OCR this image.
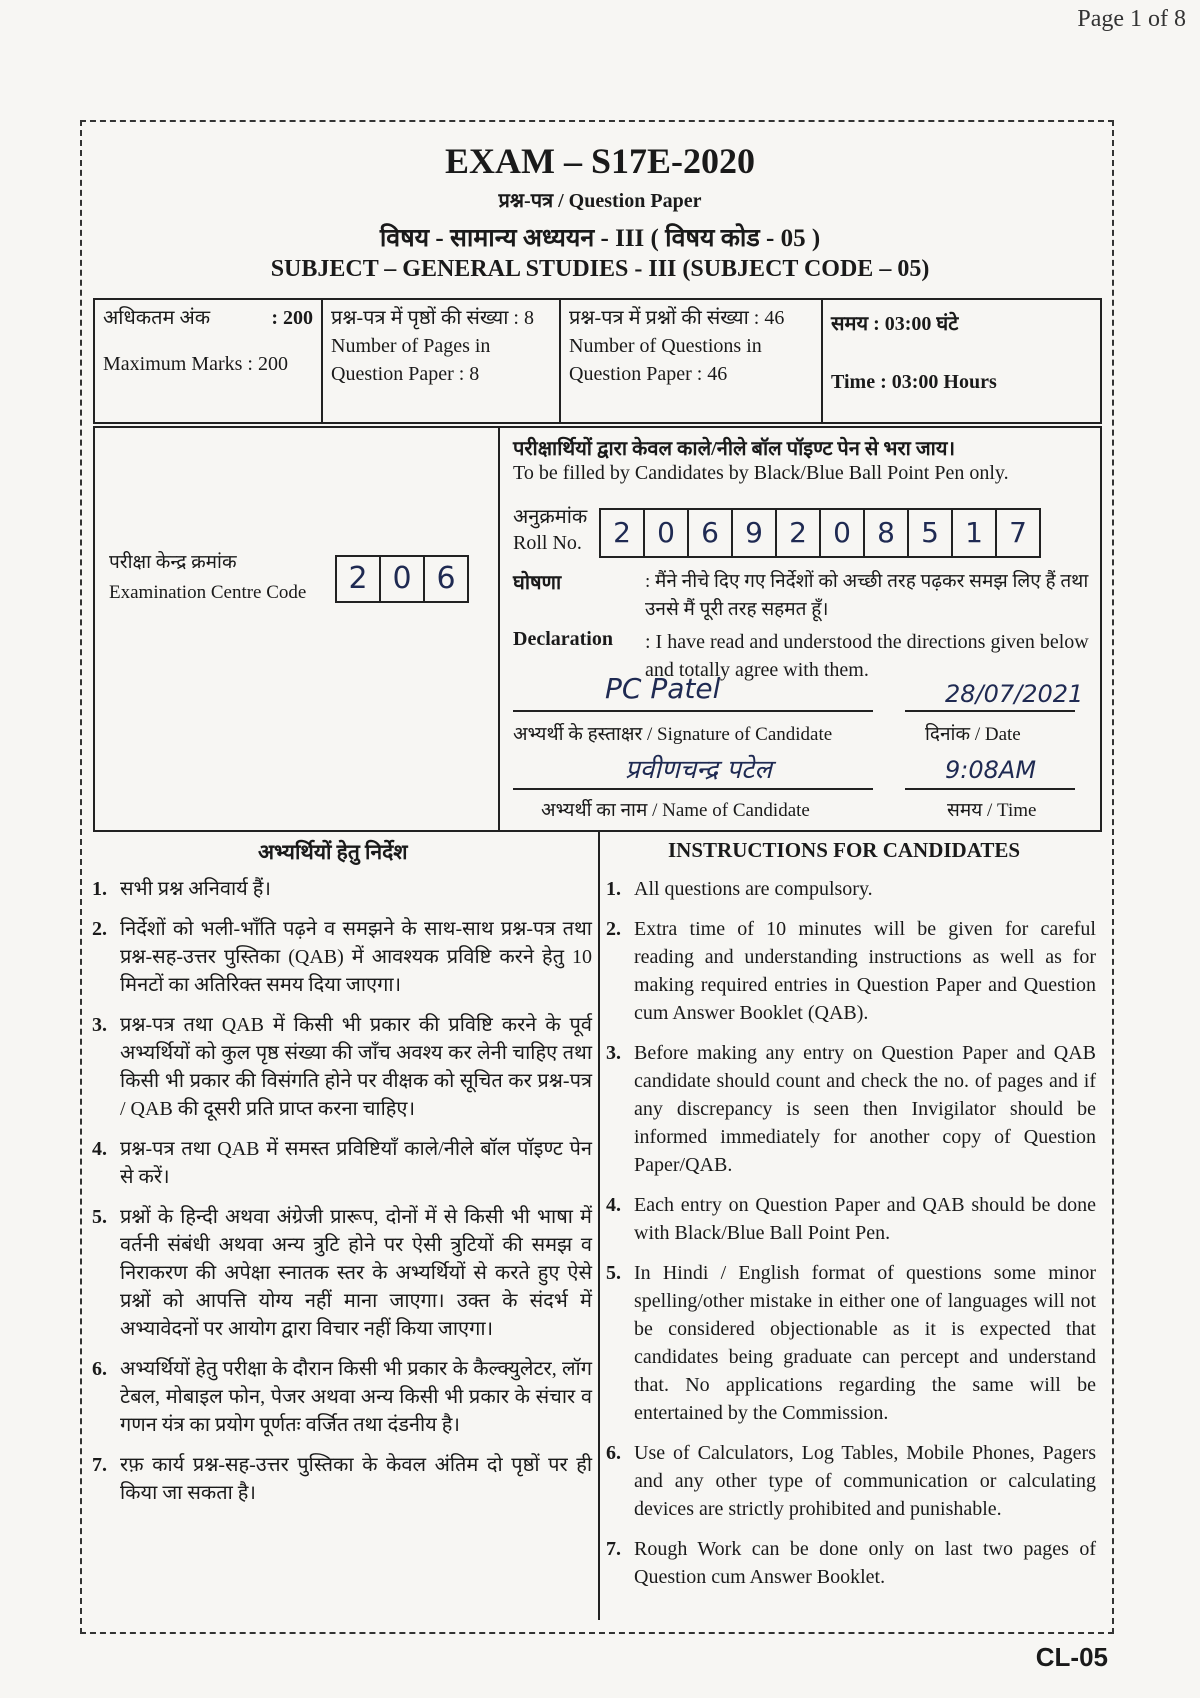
Page 1 of 8
EXAM – S17E-2020
प्रश्न-पत्र / Question Paper
विषय - सामान्य अध्ययन - III ( विषय कोड - 05 )
SUBJECT – GENERAL STUDIES - III (SUBJECT CODE – 05)
अधिकतम अंक	: 200
Maximum Marks : 200
प्रश्न-पत्र में पृष्ठों की संख्या : 8
Number of Pages in Question Paper : 8
प्रश्न-पत्र में प्रश्नों की संख्या : 46
Number of Questions in Question Paper : 46
समय : 03:00 घंटे
Time : 03:00 Hours
परीक्षा केन्द्र क्रमांक
Examination Centre Code	2 0 6
परीक्षार्थियों द्वारा केवल काले/नीले बॉल पॉइण्ट पेन से भरा जाय।
To be filled by Candidates by Black/Blue Ball Point Pen only.
अनुक्रमांक
Roll No.	2 0 6 9 2 0 8 5 1 7
घोषणा	: मैंने नीचे दिए गए निर्देशों को अच्छी तरह पढ़कर समझ लिए हैं तथा उनसे मैं पूरी तरह सहमत हूँ।
Declaration : I have read and understood the directions given below and totally agree with them.
PC Patel
अभ्यर्थी के हस्ताक्षर / Signature of Candidate
28/07/2021
दिनांक / Date
प्रवीणचन्द्र पटेल
अभ्यर्थी का नाम / Name of Candidate
9:08AM
समय / Time
अभ्यर्थियों हेतु निर्देश	INSTRUCTIONS FOR CANDIDATES
1. सभी प्रश्न अनिवार्य हैं।
2. निर्देशों को भली-भाँति पढ़ने व समझने के साथ-साथ प्रश्न-पत्र तथा प्रश्न-सह-उत्तर पुस्तिका (QAB) में आवश्यक प्रविष्टि करने हेतु 10 मिनटों का अतिरिक्त समय दिया जाएगा।
3. प्रश्न-पत्र तथा QAB में किसी भी प्रकार की प्रविष्टि करने के पूर्व अभ्यर्थियों को कुल पृष्ठ संख्या की जाँच अवश्य कर लेनी चाहिए तथा किसी भी प्रकार की विसंगति होने पर वीक्षक को सूचित कर प्रश्न-पत्र / QAB की दूसरी प्रति प्राप्त करना चाहिए।
4. प्रश्न-पत्र तथा QAB में समस्त प्रविष्टियाँ काले/नीले बॉल पॉइण्ट पेन से करें।
5. प्रश्नों के हिन्दी अथवा अंग्रेजी प्रारूप, दोनों में से किसी भी भाषा में वर्तनी संबंधी अथवा अन्य त्रुटि होने पर ऐसी त्रुटियों की समझ व निराकरण की अपेक्षा स्नातक स्तर के अभ्यर्थियों से करते हुए ऐसे प्रश्नों को आपत्ति योग्य नहीं माना जाएगा। उक्त के संदर्भ में अभ्यावेदनों पर आयोग द्वारा विचार नहीं किया जाएगा।
6. अभ्यर्थियों हेतु परीक्षा के दौरान किसी भी प्रकार के कैल्क्युलेटर, लॉग टेबल, मोबाइल फोन, पेजर अथवा अन्य किसी भी प्रकार के संचार व गणन यंत्र का प्रयोग पूर्णतः वर्जित तथा दंडनीय है।
7. रफ़ कार्य प्रश्न-सह-उत्तर पुस्तिका के केवल अंतिम दो पृष्ठों पर ही किया जा सकता है।
1. All questions are compulsory.
2. Extra time of 10 minutes will be given for careful reading and understanding instructions as well as for making required entries in Question Paper and Question cum Answer Booklet (QAB).
3. Before making any entry on Question Paper and QAB candidate should count and check the no. of pages and if any discrepancy is seen then Invigilator should be informed immediately for another copy of Question Paper/QAB.
4. Each entry on Question Paper and QAB should be done with Black/Blue Ball Point Pen.
5. In Hindi / English format of questions some minor spelling/other mistake in either one of languages will not be considered objectionable as it is expected that candidates being graduate can percept and understand that. No applications regarding the same will be entertained by the Commission.
6. Use of Calculators, Log Tables, Mobile Phones, Pagers and any other type of communication or calculating devices are strictly prohibited and punishable.
7. Rough Work can be done only on last two pages of Question cum Answer Booklet.
CL-05
